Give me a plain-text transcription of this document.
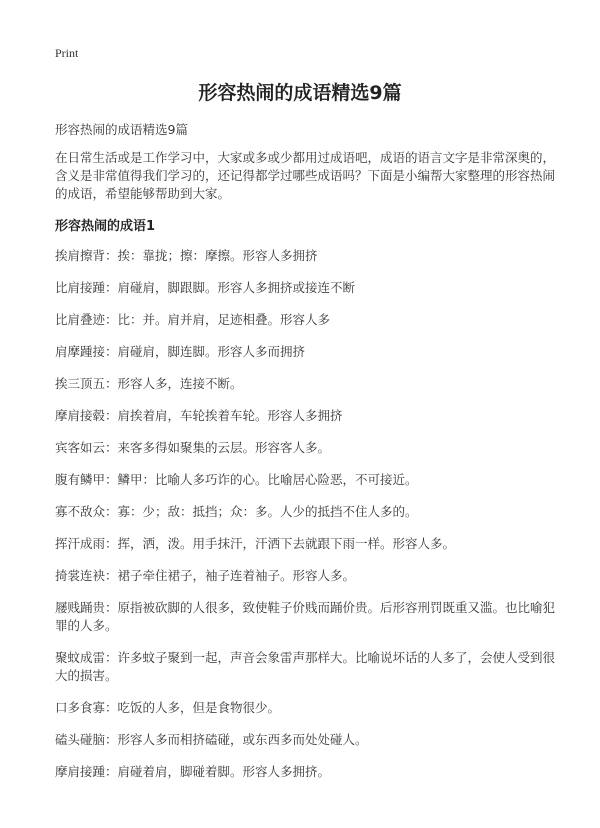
Print
形容热闹的成语精选9篇
形容热闹的成语精选9篇

在日常生活或是工作学习中，大家或多或少都用过成语吧，成语的语言文字是非常深奥的，含义是非常值得我们学习的，还记得都学过哪些成语吗？下面是小编帮大家整理的形容热闹的成语，希望能够帮助到大家。

形容热闹的成语1
挨肩擦背：挨：靠拢；擦：摩擦。形容人多拥挤
比肩接踵：肩碰肩，脚跟脚。形容人多拥挤或接连不断
比肩叠迹：比：并。肩并肩，足迹相叠。形容人多
肩摩踵接：肩碰肩，脚连脚。形容人多而拥挤
挨三顶五：形容人多，连接不断。
摩肩接毂：肩挨着肩，车轮挨着车轮。形容人多拥挤
宾客如云：来客多得如聚集的云层。形容客人多。
腹有鳞甲：鳞甲：比喻人多巧诈的心。比喻居心险恶，不可接近。
寡不敌众：寡：少；敌：抵挡；众：多。人少的抵挡不住人多的。
挥汗成雨：挥，洒，泼。用手抹汗，汗洒下去就跟下雨一样。形容人多。
掎裳连袂：裙子牵住裙子，袖子连着袖子。形容人多。
屦贱踊贵：原指被砍脚的人很多，致使鞋子价贱而踊价贵。后形容刑罚既重又滥。也比喻犯罪的人多。
聚蚊成雷：许多蚊子聚到一起，声音会象雷声那样大。比喻说坏话的人多了，会使人受到很大的损害。
口多食寡：吃饭的人多，但是食物很少。
磕头碰脑：形容人多而相挤磕碰，或东西多而处处碰人。
摩肩接踵：肩碰着肩，脚碰着脚。形容人多拥挤。
